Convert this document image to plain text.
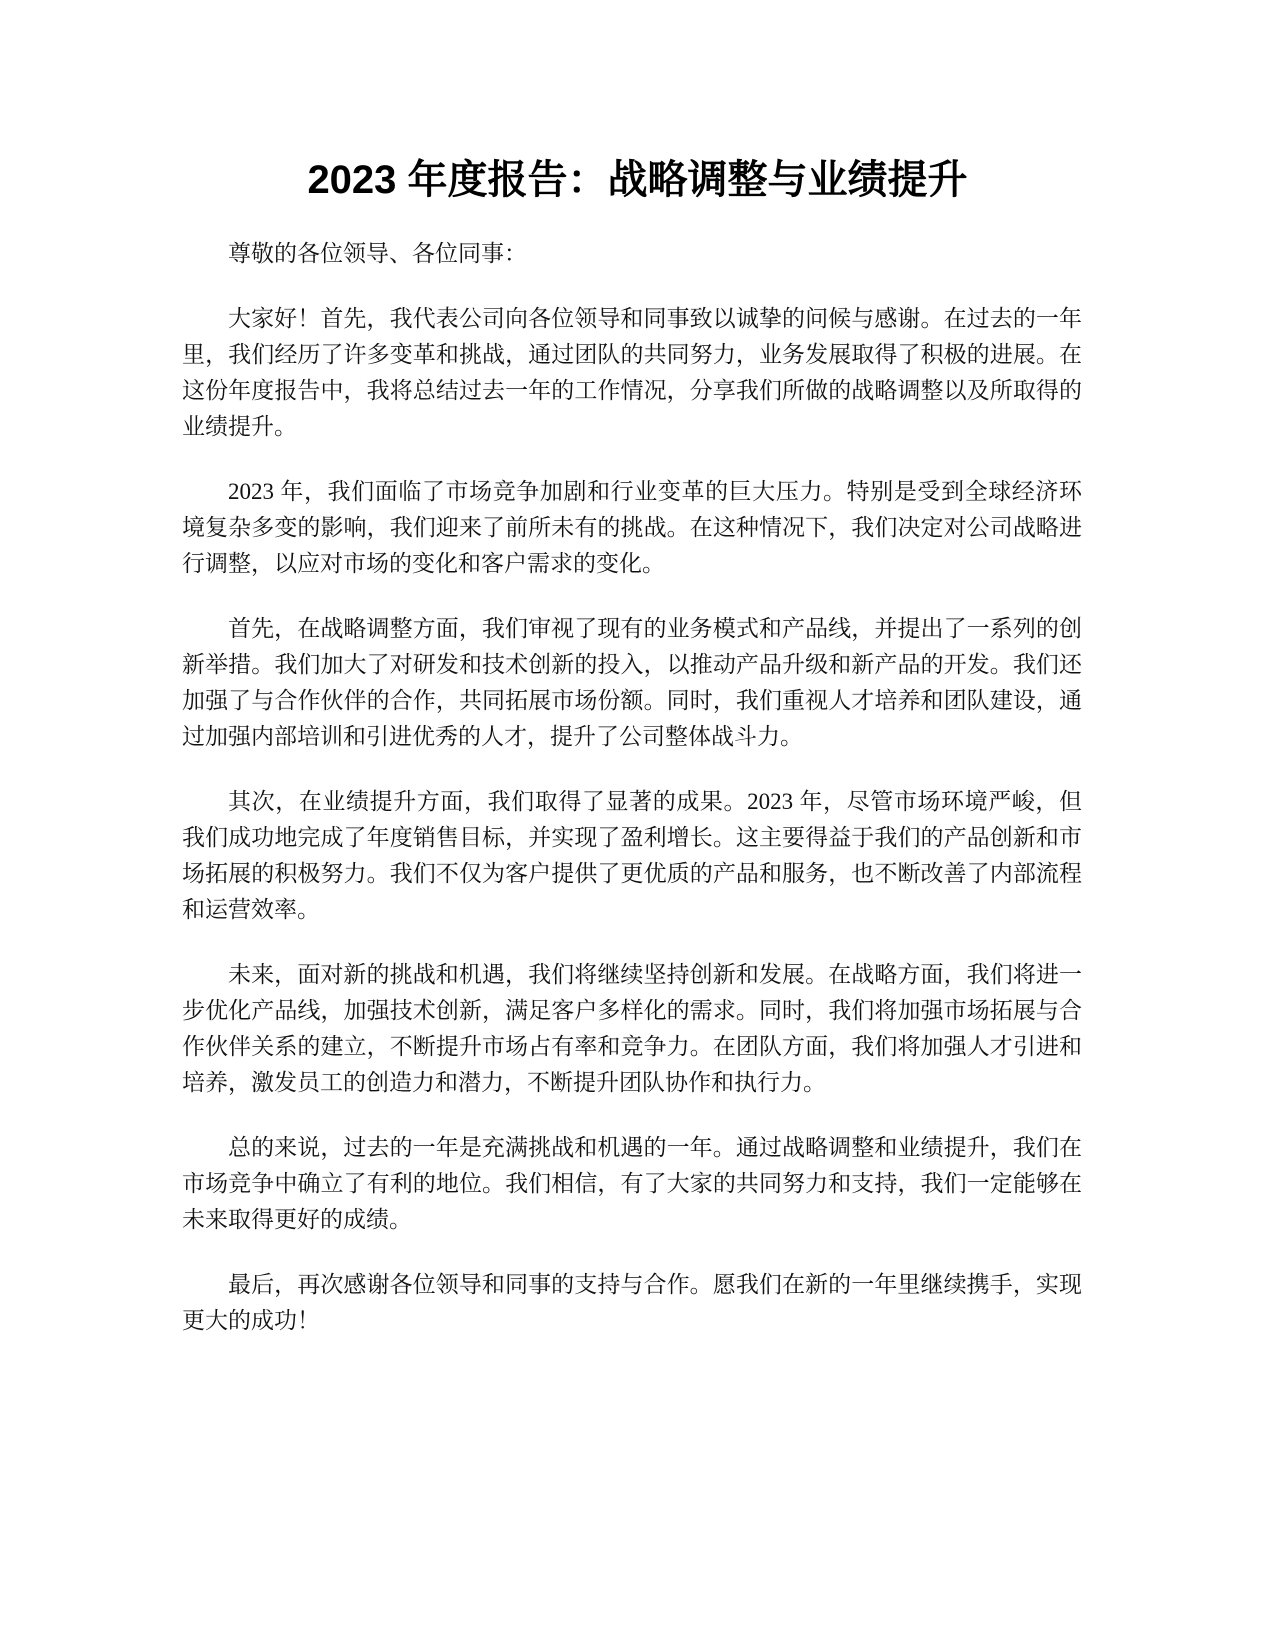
2023 年度报告：战略调整与业绩提升

尊敬的各位领导、各位同事：

大家好！首先，我代表公司向各位领导和同事致以诚挚的问候与感谢。在过去的一年里，我们经历了许多变革和挑战，通过团队的共同努力，业务发展取得了积极的进展。在这份年度报告中，我将总结过去一年的工作情况，分享我们所做的战略调整以及所取得的业绩提升。

2023 年，我们面临了市场竞争加剧和行业变革的巨大压力。特别是受到全球经济环境复杂多变的影响，我们迎来了前所未有的挑战。在这种情况下，我们决定对公司战略进行调整，以应对市场的变化和客户需求的变化。

首先，在战略调整方面，我们审视了现有的业务模式和产品线，并提出了一系列的创新举措。我们加大了对研发和技术创新的投入，以推动产品升级和新产品的开发。我们还加强了与合作伙伴的合作，共同拓展市场份额。同时，我们重视人才培养和团队建设，通过加强内部培训和引进优秀的人才，提升了公司整体战斗力。

其次，在业绩提升方面，我们取得了显著的成果。2023 年，尽管市场环境严峻，但我们成功地完成了年度销售目标，并实现了盈利增长。这主要得益于我们的产品创新和市场拓展的积极努力。我们不仅为客户提供了更优质的产品和服务，也不断改善了内部流程和运营效率。

未来，面对新的挑战和机遇，我们将继续坚持创新和发展。在战略方面，我们将进一步优化产品线，加强技术创新，满足客户多样化的需求。同时，我们将加强市场拓展与合作伙伴关系的建立，不断提升市场占有率和竞争力。在团队方面，我们将加强人才引进和培养，激发员工的创造力和潜力，不断提升团队协作和执行力。

总的来说，过去的一年是充满挑战和机遇的一年。通过战略调整和业绩提升，我们在市场竞争中确立了有利的地位。我们相信，有了大家的共同努力和支持，我们一定能够在未来取得更好的成绩。

最后，再次感谢各位领导和同事的支持与合作。愿我们在新的一年里继续携手，实现更大的成功！
